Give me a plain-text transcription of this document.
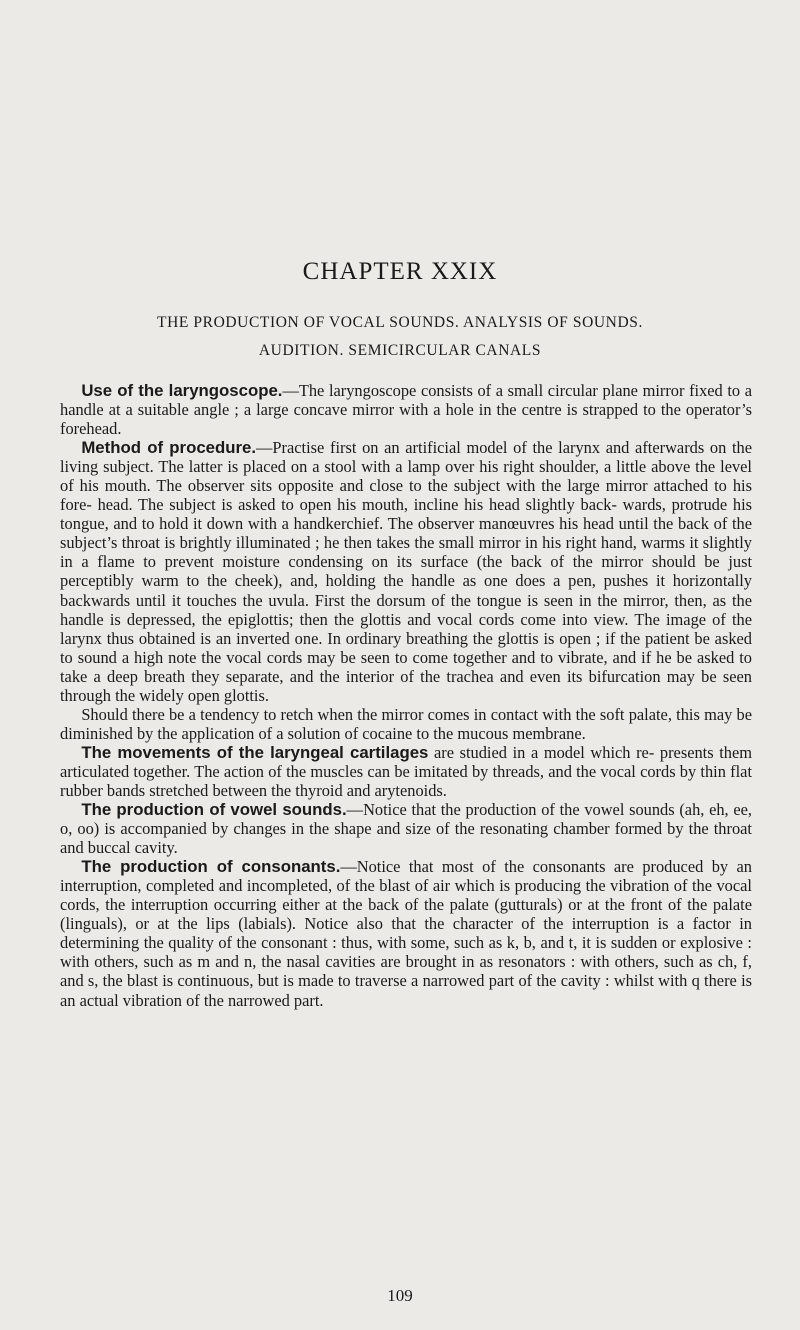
CHAPTER XXIX
THE PRODUCTION OF VOCAL SOUNDS. ANALYSIS OF SOUNDS.
AUDITION. SEMICIRCULAR CANALS

Use of the laryngoscope.—The laryngoscope consists of a small circular plane mirror fixed to a handle at a suitable angle ; a large concave mirror with a hole in the centre is strapped to the operator’s forehead.

Method of procedure.—Practise first on an artificial model of the larynx and afterwards on the living subject. The latter is placed on a stool with a lamp over his right shoulder, a little above the level of his mouth. The observer sits opposite and close to the subject with the large mirror attached to his fore- head. The subject is asked to open his mouth, incline his head slightly back- wards, protrude his tongue, and to hold it down with a handkerchief. The observer manœuvres his head until the back of the subject’s throat is brightly illuminated ; he then takes the small mirror in his right hand, warms it slightly in a flame to prevent moisture condensing on its surface (the back of the mirror should be just perceptibly warm to the cheek), and, holding the handle as one does a pen, pushes it horizontally backwards until it touches the uvula. First the dorsum of the tongue is seen in the mirror, then, as the handle is depressed, the epiglottis; then the glottis and vocal cords come into view. The image of the larynx thus obtained is an inverted one. In ordinary breathing the glottis is open ; if the patient be asked to sound a high note the vocal cords may be seen to come together and to vibrate, and if he be asked to take a deep breath they separate, and the interior of the trachea and even its bifurcation may be seen through the widely open glottis.

Should there be a tendency to retch when the mirror comes in contact with the soft palate, this may be diminished by the application of a solution of cocaine to the mucous membrane.

The movements of the laryngeal cartilages are studied in a model which re- presents them articulated together. The action of the muscles can be imitated by threads, and the vocal cords by thin flat rubber bands stretched between the thyroid and arytenoids.

The production of vowel sounds.—Notice that the production of the vowel sounds (ah, eh, ee, o, oo) is accompanied by changes in the shape and size of the resonating chamber formed by the throat and buccal cavity.

The production of consonants.—Notice that most of the consonants are produced by an interruption, completed and incompleted, of the blast of air which is producing the vibration of the vocal cords, the interruption occurring either at the back of the palate (gutturals) or at the front of the palate (linguals), or at the lips (labials). Notice also that the character of the interruption is a factor in determining the quality of the consonant : thus, with some, such as k, b, and t, it is sudden or explosive : with others, such as m and n, the nasal cavities are brought in as resonators : with others, such as ch, f, and s, the blast is continuous, but is made to traverse a narrowed part of the cavity : whilst with q there is an actual vibration of the narrowed part.

109
